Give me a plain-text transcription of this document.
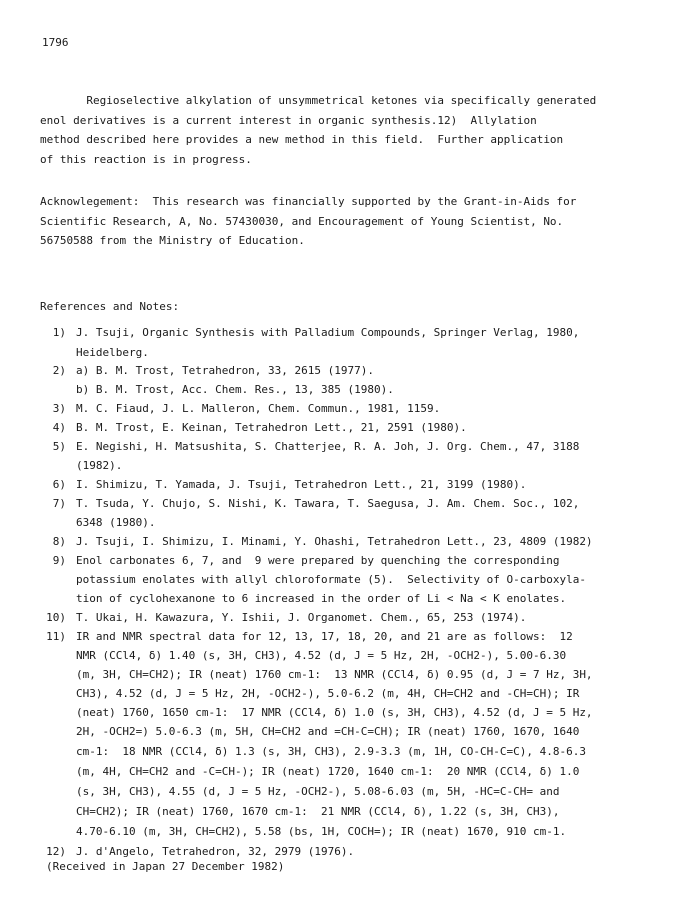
1796
Regioselective alkylation of unsymmetrical ketones via specifically generated
enol derivatives is a current interest in organic synthesis.12)  Allylation
method described here provides a new method in this field.  Further application
of this reaction is in progress.
Acknowlegement:  This research was financially supported by the Grant-in-Aids for
Scientific Research, A, No. 57430030, and Encouragement of Young Scientist, No.
56750588 from the Ministry of Education.
References and Notes:
1) J. Tsuji, Organic Synthesis with Palladium Compounds, Springer Verlag, 1980,
Heidelberg.
2) a) B. M. Trost, Tetrahedron, 33, 2615 (1977).
b) B. M. Trost, Acc. Chem. Res., 13, 385 (1980).
3) M. C. Fiaud, J. L. Malleron, Chem. Commun., 1981, 1159.
4) B. M. Trost, E. Keinan, Tetrahedron Lett., 21, 2591 (1980).
5) E. Negishi, H. Matsushita, S. Chatterjee, R. A. Joh, J. Org. Chem., 47, 3188
(1982).
6) I. Shimizu, T. Yamada, J. Tsuji, Tetrahedron Lett., 21, 3199 (1980).
7) T. Tsuda, Y. Chujo, S. Nishi, K. Tawara, T. Saegusa, J. Am. Chem. Soc., 102,
6348 (1980).
8) J. Tsuji, I. Shimizu, I. Minami, Y. Ohashi, Tetrahedron Lett., 23, 4809 (1982)
9) Enol carbonates 6, 7, and  9 were prepared by quenching the corresponding
potassium enolates with allyl chloroformate (5).  Selectivity of O-carboxyla-
tion of cyclohexanone to 6 increased in the order of Li < Na < K enolates.
10) T. Ukai, H. Kawazura, Y. Ishii, J. Organomet. Chem., 65, 253 (1974).
11) IR and NMR spectral data for 12, 13, 17, 18, 20, and 21 are as follows:  12
NMR (CCl4, δ) 1.40 (s, 3H, CH3), 4.52 (d, J = 5 Hz, 2H, -OCH2-), 5.00-6.30
(m, 3H, CH=CH2); IR (neat) 1760 cm-1:  13 NMR (CCl4, δ) 0.95 (d, J = 7 Hz, 3H,
CH3), 4.52 (d, J = 5 Hz, 2H, -OCH2-), 5.0-6.2 (m, 4H, CH=CH2 and -CH=CH); IR
(neat) 1760, 1650 cm-1:  17 NMR (CCl4, δ) 1.0 (s, 3H, CH3), 4.52 (d, J = 5 Hz,
2H, -OCH2=) 5.0-6.3 (m, 5H, CH=CH2 and =CH-C=CH); IR (neat) 1760, 1670, 1640
cm-1:  18 NMR (CCl4, δ) 1.3 (s, 3H, CH3), 2.9-3.3 (m, 1H, CO-CH-C=C), 4.8-6.3
(m, 4H, CH=CH2 and -C=CH-); IR (neat) 1720, 1640 cm-1:  20 NMR (CCl4, δ) 1.0
(s, 3H, CH3), 4.55 (d, J = 5 Hz, -OCH2-), 5.08-6.03 (m, 5H, -HC=C-CH= and
CH=CH2); IR (neat) 1760, 1670 cm-1:  21 NMR (CCl4, δ), 1.22 (s, 3H, CH3),
4.70-6.10 (m, 3H, CH=CH2), 5.58 (bs, 1H, COCH=); IR (neat) 1670, 910 cm-1.
12) J. d'Angelo, Tetrahedron, 32, 2979 (1976).
(Received in Japan 27 December 1982)
